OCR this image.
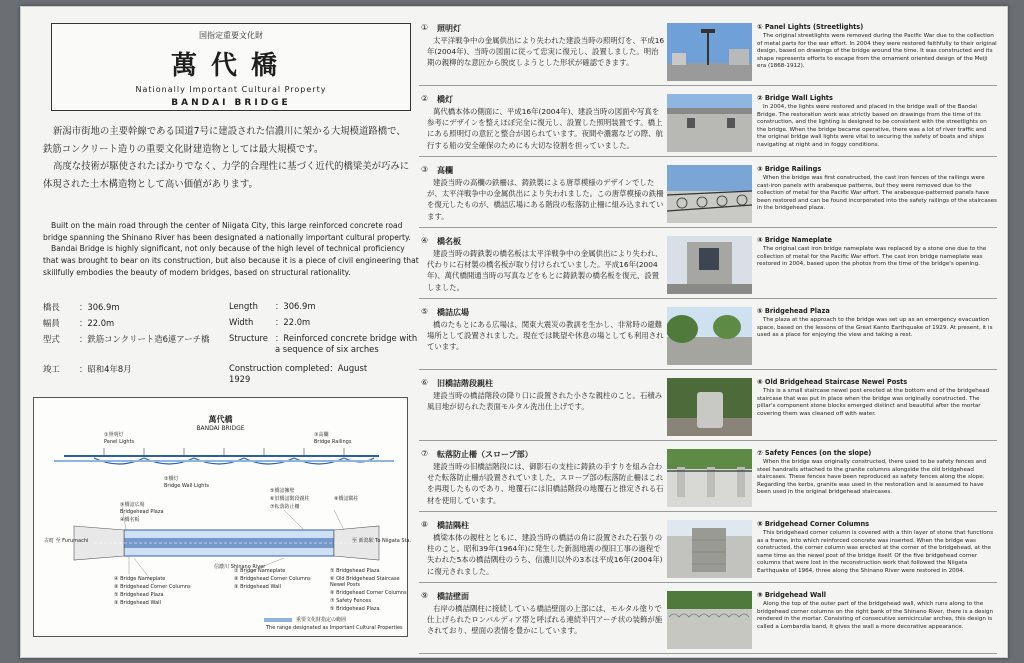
国指定重要文化財
萬代橋
Nationally Important Cultural Property
BANDAI BRIDGE

新潟市街地の主要幹線である国道7号に建設された信濃川に架かる大規模道路橋で、鉄筋コンクリート造りの重要文化財建造物としては最大規模です。

高度な技術が駆使されたばかりでなく、力学的合理性に基づく近代的橋梁美が巧みに体現された土木構造物として高い価値があります。

Built on the main road through the center of Niigata City, this large reinforced concrete road bridge spanning the Shinano River has been designated a nationally important cultural property.

Bandai Bridge is highly significant, not only because of the high level of technical proficiency that was brought to bear on its construction, but also because it is a piece of civil engineering that skillfully embodies the beauty of modern bridges, based on structural rationality.

橋長 ：306.9m	Length ：306.9m
幅員 ：22.0m	Width	：22.0m
型式 ：鉄筋コンクリート造6連アーチ橋 Structure ：Reinforced concrete bridge with a sequence of six arches
竣工 ：昭和4年8月	Construction completed：August 1929
萬代橋
BANDAI BRIDGE
①照明灯
Panel Lights
③高欄
Bridge Railings
②橋灯
Bridge Wall Lights
⑨橋詰広場
Bridgehead Plaza
④橋名板
⑤橋詰擁壁
⑥旧橋詰階段親柱
⑦転落防止柵
⑧橋詰隅柱
古町 至 Furumachi	至 新潟駅 To Niigata Sta.
信濃川 Shinano River
④ Bridge Nameplate
⑧ Bridgehead Corner Columns
⑤ Bridgehead Plaza
⑨ Bridgehead Wall
② Bridge Nameplate
⑧ Bridgehead Corner Columns
⑨ Bridgehead Wall
⑤ Bridgehead Plaza
⑥ Old Bridgehead Staircase Newel Posts
⑧ Bridgehead Corner Columns
⑦ Safety Fences
⑤ Bridgehead Plaza
重要文化財指定の範囲
The range designated as Important Cultural Properties
① 照明灯
太平洋戦争中の金属供出により失われた建設当時の照明灯を、平成16年(2004年)、当時の図面に従って忠実に復元し、設置しました。明治期の親柳的な意匠から脱皮しようとした形状が確認できます。
① Panel Lights (Streetlights)
The original streetlights were removed during the Pacific War due to the collection of metal parts for the war effort. In 2004 they were restored faithfully to their original design, based on drawings of the bridge around the time. It was constructed and its shape represents efforts to escape from the ornament oriented design of the Meiji era (1868-1912).
② 橋灯
萬代橋本体の側面に、平成16年(2004年)、建設当時の図面や写真を参考にデザインを整えほぼ完全に復元し、設置した照明装置です。橋上にある照明灯の意匠と整合が図られています。夜間や濃霧などの際、航行する船の安全確保のためにも大切な役割を担っていました。
② Bridge Wall Lights
In 2004, the lights were restored and placed in the bridge wall of the Bandai Bridge. The restoration work was strictly based on drawings from the time of its construction, and the lighting is designed to be consistent with the streetlights on the bridge. When the bridge became operative, there was a lot of river traffic and the original bridge wall lights were vital to securing the safety of boats and ships navigating at night and in foggy conditions.
③ 高欄
建設当時の高欄の鉄柵は、鋳鉄製による唐草模様のデザインでしたが、太平洋戦争中の金属供出により失われました。この唐草模様の鉄柵を復元したものが、橋詰広場にある階段の転落防止柵に組み込まれています。
③ Bridge Railings
When the bridge was first constructed, the cast iron fences of the railings were cast-iron panels with arabesque patterns, but they were removed due to the collection of metal for the Pacific War effort. The arabesque-patterned panels have been restored and can be found incorporated into the safety railings of the staircases in the bridgehead plaza.
④ 橋名板
建設当時の鋳鉄製の橋名板は太平洋戦争中の金属供出により失われ、代わりに石材製の橋名板が取り付けられていました。平成16年(2004年)、萬代橋開通当時の写真などをもとに鋳鉄製の橋名板を復元、設置しました。
④ Bridge Nameplate
The original cast iron bridge nameplate was replaced by a stone one due to the collection of metal for the Pacific War effort. The cast iron bridge nameplate was restored in 2004, based upon the photos from the time of the bridge's opening.
⑤ 橋詰広場
橋のたもとにある広場は、関東大震災の教訓を生かし、非常時の避難場所として設置されました。現在では眺望や休息の場としても利用されています。
⑤ Bridgehead Plaza
The plaza at the approach to the bridge was set up as an emergency evacuation space, based on the lessons of the Great Kanto Earthquake of 1929. At present, it is used as a place for enjoying the view and taking a rest.
⑥ 旧橋詰階段親柱
建設当時の橋詰階段の降り口に設置された小さな親柱のこと。石積み風目地が切られた表面モルタル洗出仕上げです。
⑥ Old Bridgehead Staircase Newel Posts
This is a small staircase newel post erected at the bottom end of the bridgehead staircase that was put in place when the bridge was originally constructed. The pillar's component stone blocks emerged distinct and beautiful after the mortar covering them was cleaned off with water.
⑦ 転落防止柵（スロープ部）
建設当時の旧橋詰階段には、御影石の支柱に鋳鉄の手すりを組み合わせた転落防止柵が設置されていました。スロープ部の転落防止柵はこれを再現したものであり、地覆石には旧橋詰階段の地覆石と推定される石材を使用しています。
⑦ Safety Fences (on the slope)
When the bridge was originally constructed, there used to be safety fences and steel handrails attached to the granite columns alongside the old bridgehead staircases. These fences have been reproduced as safety fences along the slope. Regarding the kerbs, granite was used in the restoration and is assumed to have been used in the original bridgehead staircases.
⑧ 橋詰隅柱
橋梁本体の親柱とともに、建設当時の橋詰の角に設置された石張りの柱のこと。昭和39年(1964年)に発生した新潟地震の復旧工事の過程で失われた5本の橋詰隅柱のうち、信濃川以外の3本は平成16年(2004年)に復元されました。
⑧ Bridgehead Corner Columns
This bridgehead corner column is covered with a thin layer of stone that functions as a frame, into which reinforced concrete was inserted. When the bridge was constructed, the corner column was erected at the corner of the bridgehead, at the same time as the newel post of the bridge itself. Of the five bridgehead corner columns that were lost in the reconstruction work that followed the Niigata Earthquake of 1964, three along the Shinano River were restored in 2004.
⑨ 橋詰壁面
右岸の橋詰隅柱に接続している橋詰壁面の上部には、モルタル塗りで仕上げられたロンバルディア帯と呼ばれる連続半円アーチ状の装飾が施されており、壁面の表情を豊かにしています。
⑨ Bridgehead Wall
Along the top of the outer part of the bridgehead wall, which runs along to the bridgehead corner columns on the right bank of the Shinano River, there is a design rendered in the mortar. Consisting of consecutive semicircular arches, this design is called a Lombardia band, it gives the wall a more decorative appearance.
